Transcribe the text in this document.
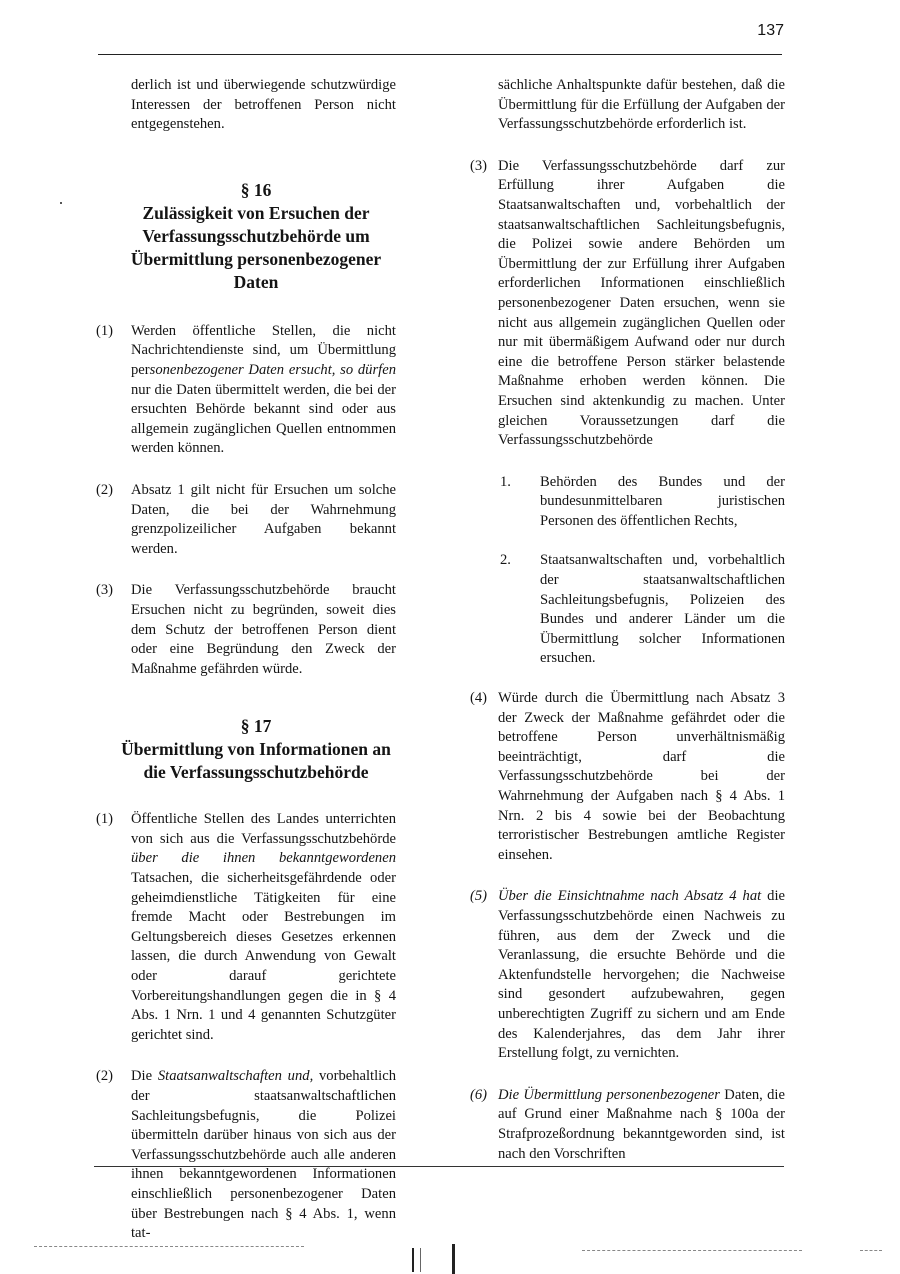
137

derlich ist und überwiegende schutzwürdige Interessen der betroffenen Person nicht entgegenstehen.

§ 16

Zulässigkeit von Ersuchen der Verfassungsschutzbehörde um Übermittlung personenbezogener Daten

(1)	Werden öffentliche Stellen, die nicht Nachrichtendienste sind, um Übermittlung personenbezogener Daten ersucht, so dürfen nur die Daten übermittelt werden, die bei der ersuchten Behörde bekannt sind oder aus allgemein zugänglichen Quellen entnommen werden können.
(2)	Absatz 1 gilt nicht für Ersuchen um solche Daten, die bei der Wahrnehmung grenzpolizeilicher Aufgaben bekannt werden.
(3)	Die Verfassungsschutzbehörde braucht Ersuchen nicht zu begründen, soweit dies dem Schutz der betroffenen Person dient oder eine Begründung den Zweck der Maßnahme gefährden würde.

§ 17

Übermittlung von Informationen an die Verfassungsschutzbehörde

(1)	Öffentliche Stellen des Landes unterrichten von sich aus die Verfassungsschutzbehörde über die ihnen bekanntgewordenen Tatsachen, die sicherheitsgefährdende oder geheimdienstliche Tätigkeiten für eine fremde Macht oder Bestrebungen im Geltungsbereich dieses Gesetzes erkennen lassen, die durch Anwendung von Gewalt oder darauf gerichtete Vorbereitungshandlungen gegen die in § 4 Abs. 1 Nrn. 1 und 4 genannten Schutzgüter gerichtet sind.
(2)	Die Staatsanwaltschaften und, vorbehaltlich der staatsanwaltschaftlichen Sachleitungsbefugnis, die Polizei übermitteln darüber hinaus von sich aus der Verfassungsschutzbehörde auch alle anderen ihnen bekanntgewordenen Informationen einschließlich personenbezogener Daten über Bestrebungen nach § 4 Abs. 1, wenn tat-

sächliche Anhaltspunkte dafür bestehen, daß die Übermittlung für die Erfüllung der Aufgaben der Verfassungsschutzbehörde erforderlich ist.

(3) Die Verfassungsschutzbehörde darf zur Erfüllung ihrer Aufgaben die Staatsanwaltschaften und, vorbehaltlich der staatsanwaltschaftlichen Sachleitungsbefugnis, die Polizei sowie andere Behörden um Übermittlung der zur Erfüllung ihrer Aufgaben erforderlichen Informationen einschließlich personenbezogener Daten ersuchen, wenn sie nicht aus allgemein zugänglichen Quellen oder nur mit übermäßigem Aufwand oder nur durch eine die betroffene Person stärker belastende Maßnahme erhoben werden können. Die Ersuchen sind aktenkundig zu machen. Unter gleichen Voraussetzungen darf die Verfassungsschutzbehörde
1.	Behörden des Bundes und der bundesunmittelbaren juristischen Personen des öffentlichen Rechts,
2.	Staatsanwaltschaften und, vorbehaltlich der staatsanwaltschaftlichen Sachleitungsbefugnis, Polizeien des Bundes und anderer Länder um die Übermittlung solcher Informationen ersuchen.
(4) Würde durch die Übermittlung nach Absatz 3 der Zweck der Maßnahme gefährdet oder die betroffene Person unverhältnismäßig beeinträchtigt, darf die Verfassungsschutzbehörde bei der Wahrnehmung der Aufgaben nach § 4 Abs. 1 Nrn. 2 bis 4 sowie bei der Beobachtung terroristischer Bestrebungen amtliche Register einsehen.
(5) Über die Einsichtnahme nach Absatz 4 hat die Verfassungsschutzbehörde einen Nachweis zu führen, aus dem der Zweck und die Veranlassung, die ersuchte Behörde und die Aktenfundstelle hervorgehen; die Nachweise sind gesondert aufzubewahren, gegen unberechtigten Zugriff zu sichern und am Ende des Kalenderjahres, das dem Jahr ihrer Erstellung folgt, zu vernichten.
(6) Die Übermittlung personenbezogener Daten, die auf Grund einer Maßnahme nach § 100a der Strafprozeßordnung bekanntgeworden sind, ist nach den Vorschriften
